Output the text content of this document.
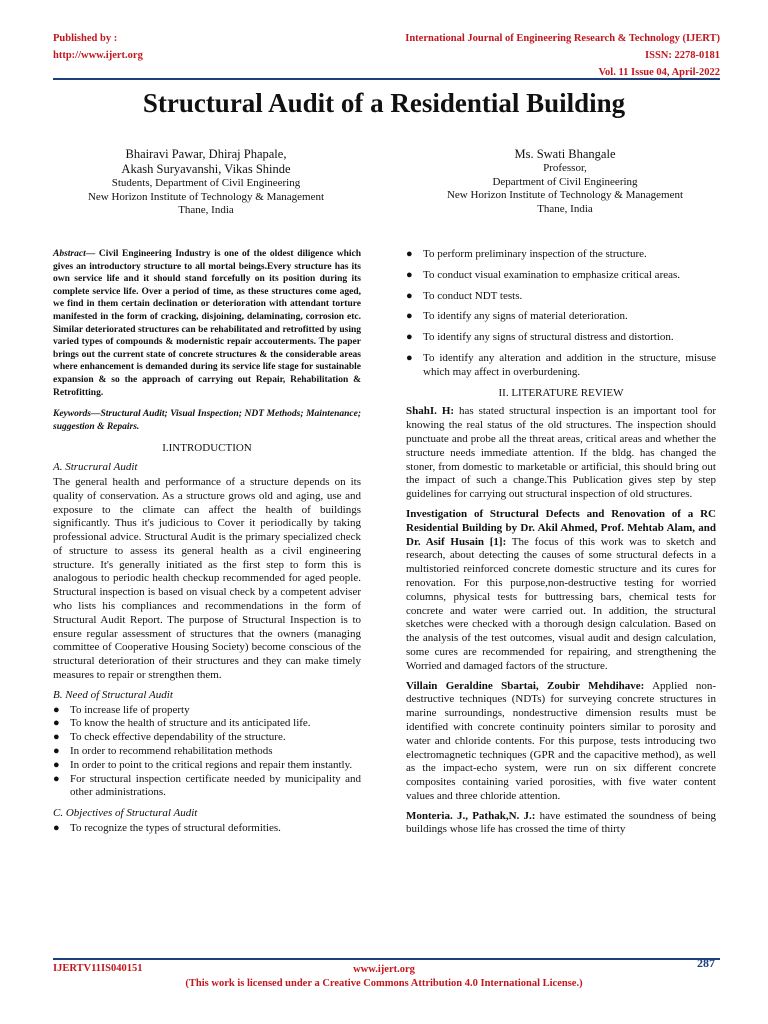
Published by :
http://www.ijert.org
International Journal of Engineering Research & Technology (IJERT)
ISSN: 2278-0181
Vol. 11 Issue 04, April-2022
Structural Audit of a Residential Building
Bhairavi Pawar, Dhiraj Phapale,
Akash Suryavanshi, Vikas Shinde
Students, Department of Civil Engineering
New Horizon Institute of Technology & Management
Thane, India
Ms. Swati Bhangale
Professor,
Department of Civil Engineering
New Horizon Institute of Technology & Management
Thane, India

Abstract— Civil Engineering Industry is one of the oldest diligence which gives an introductory structure to all mortal beings.Every structure has its own service life and it should stand forcefully on its position during its complete service life. Over a period of time, as these structures come aged, we find in them certain declination or deterioration with attendant torture manifested in the form of cracking, disjoining, delaminating, corrosion etc. Similar deteriorated structures can be rehabilitated and retrofitted by using varied types of compounds & modernistic repair accouterments. The paper brings out the current state of concrete structures & the considerable areas where enhancement is demanded during its service life stage for sustainable expansion & so the approach of carrying out Repair, Rehabilitation & Retrofitting.

Keywords—Structural Audit; Visual Inspection; NDT Methods; Maintenance; suggestion & Repairs.

I.INTRODUCTION

A. Strucrural Audit

The general health and performance of a structure depends on its quality of conservation. As a structure grows old and aging, use and exposure to the climate can affect the health of buildings significantly. Thus it's judicious to Cover it periodically by taking professional advice. Structural Audit is the primary specialized check of structure to assess its general health as a civil engineering structure. It's generally initiated as the first step to form this is analogous to periodic health checkup recommended for aged people. Structural inspection is based on visual check by a competent adviser who lists his compliances and recommendations in the form of Structural Audit Report. The purpose of Structural Inspection is to ensure regular assessment of structures that the owners (managing committee of Cooperative Housing Society) become conscious of the structural deterioration of their structures and they can make timely measures to repair or strengthen them.

B. Need of Structural Audit

● To increase life of property
● To know the health of structure and its anticipated life.
● To check effective dependability of the structure.
● In order to recommend rehabilitation methods
● In order to point to the critical regions and repair them instantly.
● For structural inspection certificate needed by municipality and other administrations.

C. Objectives of Structural Audit

● To recognize the types of structural deformities.
● To perform preliminary inspection of the structure.
● To conduct visual examination to emphasize critical areas.
● To conduct NDT tests.
● To identify any signs of material deterioration.
● To identify any signs of structural distress and distortion.
● To identify any alteration and addition in the structure, misuse which may affect in overburdening.

II. LITERATURE REVIEW

ShahI. H: has stated structural inspection is an important tool for knowing the real status of the old structures. The inspection should punctuate and probe all the threat areas, critical areas and whether the structure needs immediate attention. If the bldg. has changed the stoner, from domestic to marketable or artificial, this should bring out the impact of such a change.This Publication gives step by step guidelines for carrying out structural inspection of old structures.

Investigation of Structural Defects and Renovation of a RC Residential Building by Dr. Akil Ahmed, Prof. Mehtab Alam, and Dr. Asif Husain [1]: The focus of this work was to sketch and research, about detecting the causes of some structural defects in a multistoried reinforced concrete domestic structure and its cures for renovation. For this purpose,non-destructive testing for worried columns, physical tests for buttressing bars, chemical tests for concrete and water were carried out. In addition, the structural sketches were checked with a thorough design calculation. Based on the analysis of the test outcomes, visual audit and design calculation, some cures are recommended for repairing, and strengthening the Worried and damaged factors of the structure.

Villain Geraldine Sbartai, Zoubir Mehdihave: Applied non-destructive techniques (NDTs) for surveying concrete structures in marine surroundings, nondestructive dimension results must be identified with concrete continuity pointers similar to porosity and water and chloride contents. For this purpose, tests introducing two electromagnetic techniques (GPR and the capacitive method), as well as the impact-echo system, were run on six different concrete composites containing varied porosities, with five water content values and three chloride attention.

Monteria. J., Pathak,N. J.: have estimated the soundness of being buildings whose life has crossed the time of thirty

IJERTV11IS040151	www.ijert.org
(This work is licensed under a Creative Commons Attribution 4.0 International License.)
287
